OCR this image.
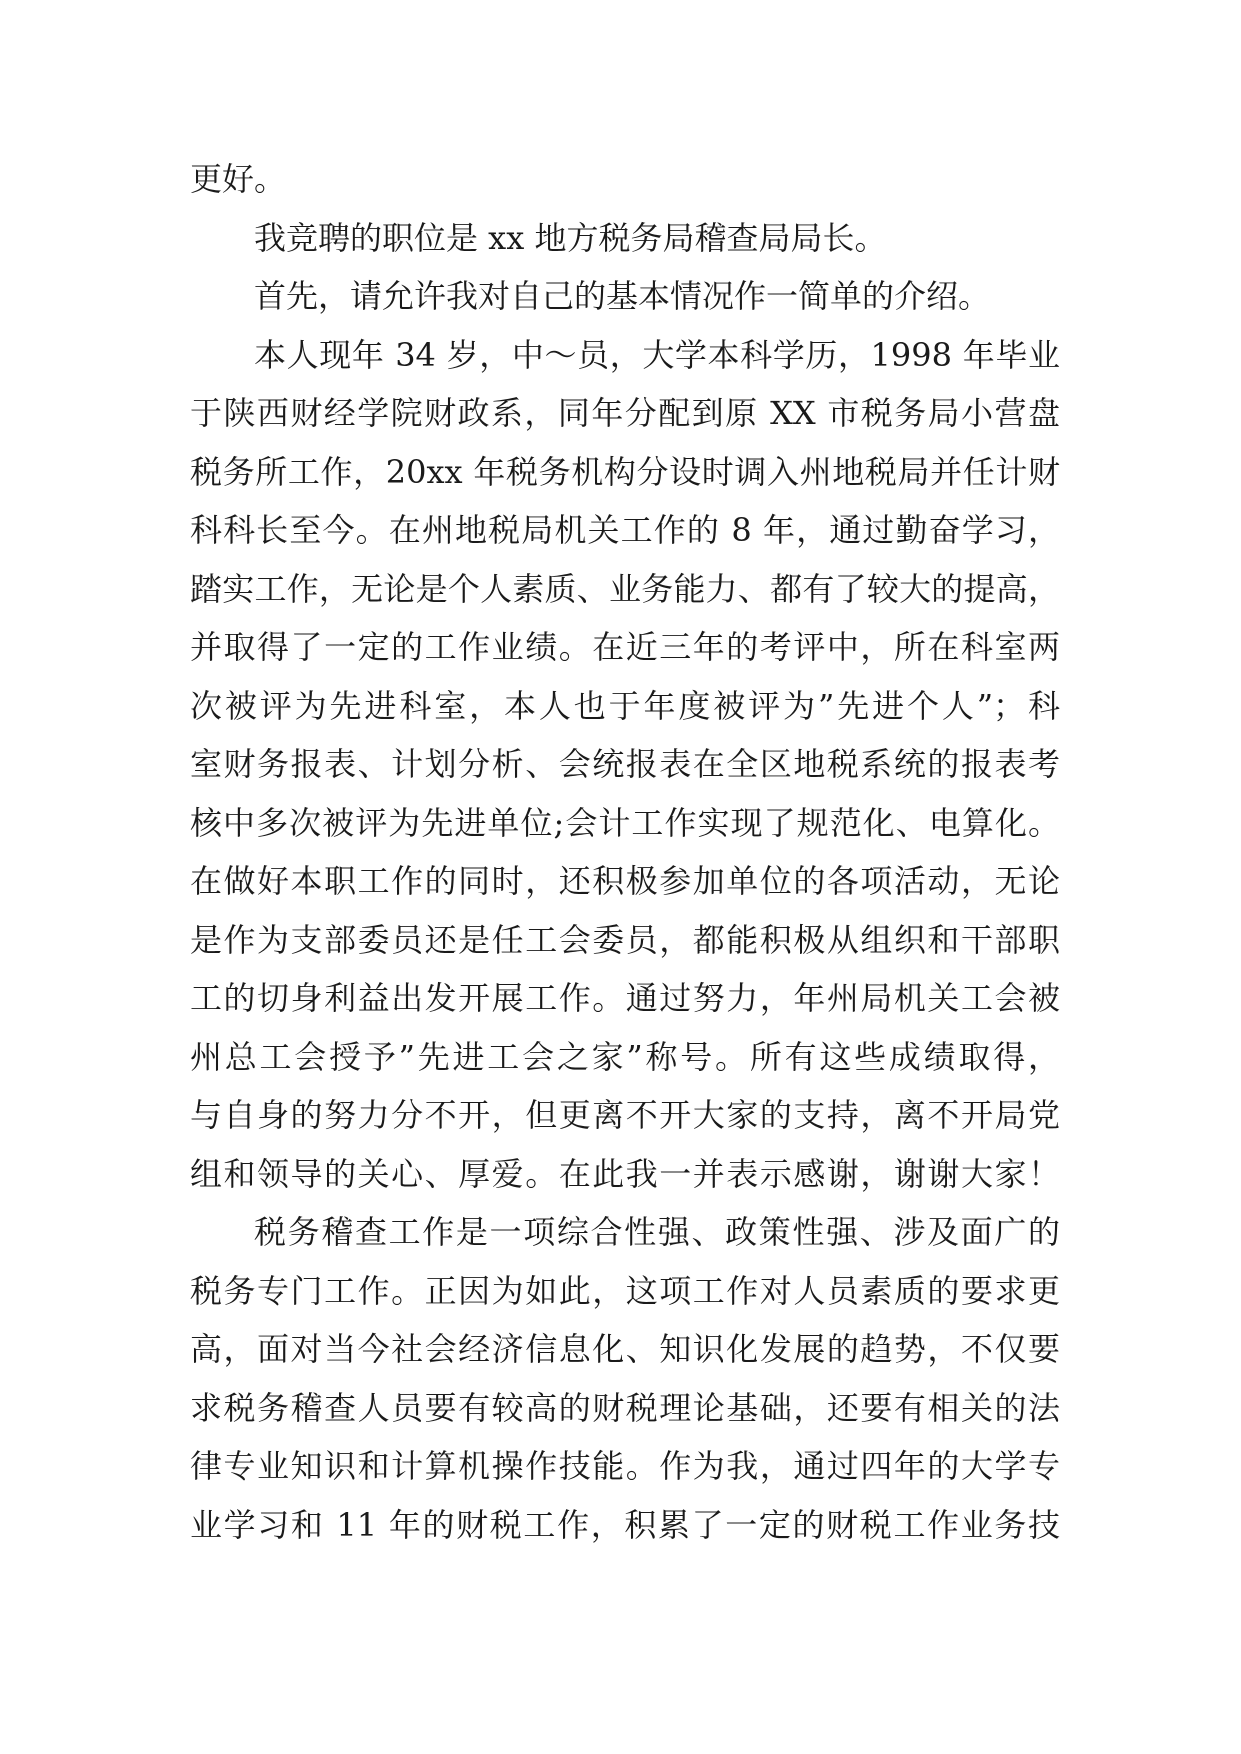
更好。
我竞聘的职位是 xx 地方税务局稽查局局长。
首先，请允许我对自己的基本情况作一简单的介绍。
本人现年 34 岁，中～员，大学本科学历，1998 年毕业
于陕西财经学院财政系，同年分配到原 XX 市税务局小营盘
税务所工作，20xx 年税务机构分设时调入州地税局并任计财
科科长至今。在州地税局机关工作的 8 年，通过勤奋学习，
踏实工作，无论是个人素质、业务能力、都有了较大的提高，
并取得了一定的工作业绩。在近三年的考评中，所在科室两
次被评为先进科室，本人也于年度被评为”先进个人”；科
室财务报表、计划分析、会统报表在全区地税系统的报表考
核中多次被评为先进单位;会计工作实现了规范化、电算化。
在做好本职工作的同时，还积极参加单位的各项活动，无论
是作为支部委员还是任工会委员，都能积极从组织和干部职
工的切身利益出发开展工作。通过努力，年州局机关工会被
州总工会授予”先进工会之家”称号。所有这些成绩取得，
与自身的努力分不开，但更离不开大家的支持，离不开局党
组和领导的关心、厚爱。在此我一并表示感谢，谢谢大家！
税务稽查工作是一项综合性强、政策性强、涉及面广的
税务专门工作。正因为如此，这项工作对人员素质的要求更
高，面对当今社会经济信息化、知识化发展的趋势，不仅要
求税务稽查人员要有较高的财税理论基础，还要有相关的法
律专业知识和计算机操作技能。作为我，通过四年的大学专
业学习和 11 年的财税工作，积累了一定的财税工作业务技
